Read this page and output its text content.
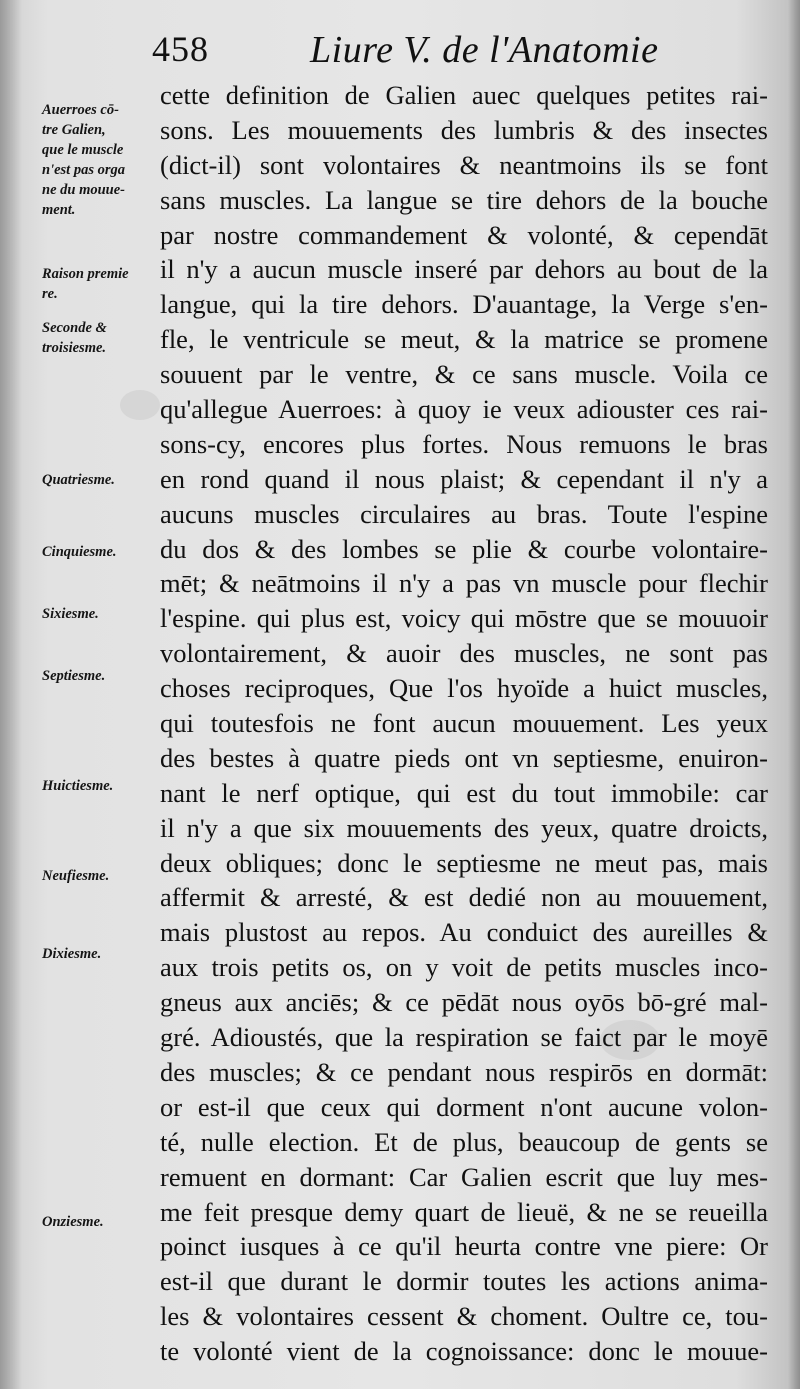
458	Liure V. de l'Anatomie
cette definition de Galien auec quelques petites rai-
sons. Les mouuements des lumbris & des insectes
(dict-il) sont volontaires & neantmoins ils se font
sans muscles. La langue se tire dehors de la bouche
par nostre commandement & volonté, & cependāt
il n'y a aucun muscle inseré par dehors au bout de la
langue, qui la tire dehors. D'auantage, la Verge s'en-
fle, le ventricule se meut, & la matrice se promene
souuent par le ventre, & ce sans muscle. Voila ce
qu'allegue Auerroes: à quoy ie veux adiouster ces rai-
sons-cy, encores plus fortes. Nous remuons le bras
en rond quand il nous plaist; & cependant il n'y a
aucuns muscles circulaires au bras. Toute l'espine
du dos & des lombes se plie & courbe volontaire-
mēt; & neātmoins il n'y a pas vn muscle pour flechir
l'espine. qui plus est, voicy qui mōstre que se mouuoir
volontairement, & auoir des muscles, ne sont pas
choses reciproques, Que l'os hyoïde a huict muscles,
qui toutesfois ne font aucun mouuement. Les yeux
des bestes à quatre pieds ont vn septiesme, enuiron-
nant le nerf optique, qui est du tout immobile: car
il n'y a que six mouuements des yeux, quatre droicts,
deux obliques; donc le septiesme ne meut pas, mais
affermit & arresté, & est dedié non au mouuement,
mais plustost au repos. Au conduict des aureilles &
aux trois petits os, on y voit de petits muscles inco-
gneus aux anciēs; & ce pēdāt nous oyōs bō-gré mal-
gré. Adioustés, que la respiration se faict par le moyē
des muscles; & ce pendant nous respirōs en dormāt:
or est-il que ceux qui dorment n'ont aucune volon-
té, nulle election. Et de plus, beaucoup de gents se
remuent en dormant: Car Galien escrit que luy mes-
me feit presque demy quart de lieuë, & ne se reueilla
poinct iusques à ce qu'il heurta contre vne piere: Or
est-il que durant le dormir toutes les actions anima-
les & volontaires cessent & choment. Oultre ce, tou-
te volonté vient de la cognoissance: donc le mouue-
Auerroes cō-
tre Galien,
que le muscle
n'est pas orga
ne du mouue-
ment.
Raison premie
re.
Seconde &
troisiesme.
Quatriesme.
Cinquiesme.
Sixiesme.
Septiesme.
Huictiesme.
Neufiesme.
Dixiesme.
Onziesme.
